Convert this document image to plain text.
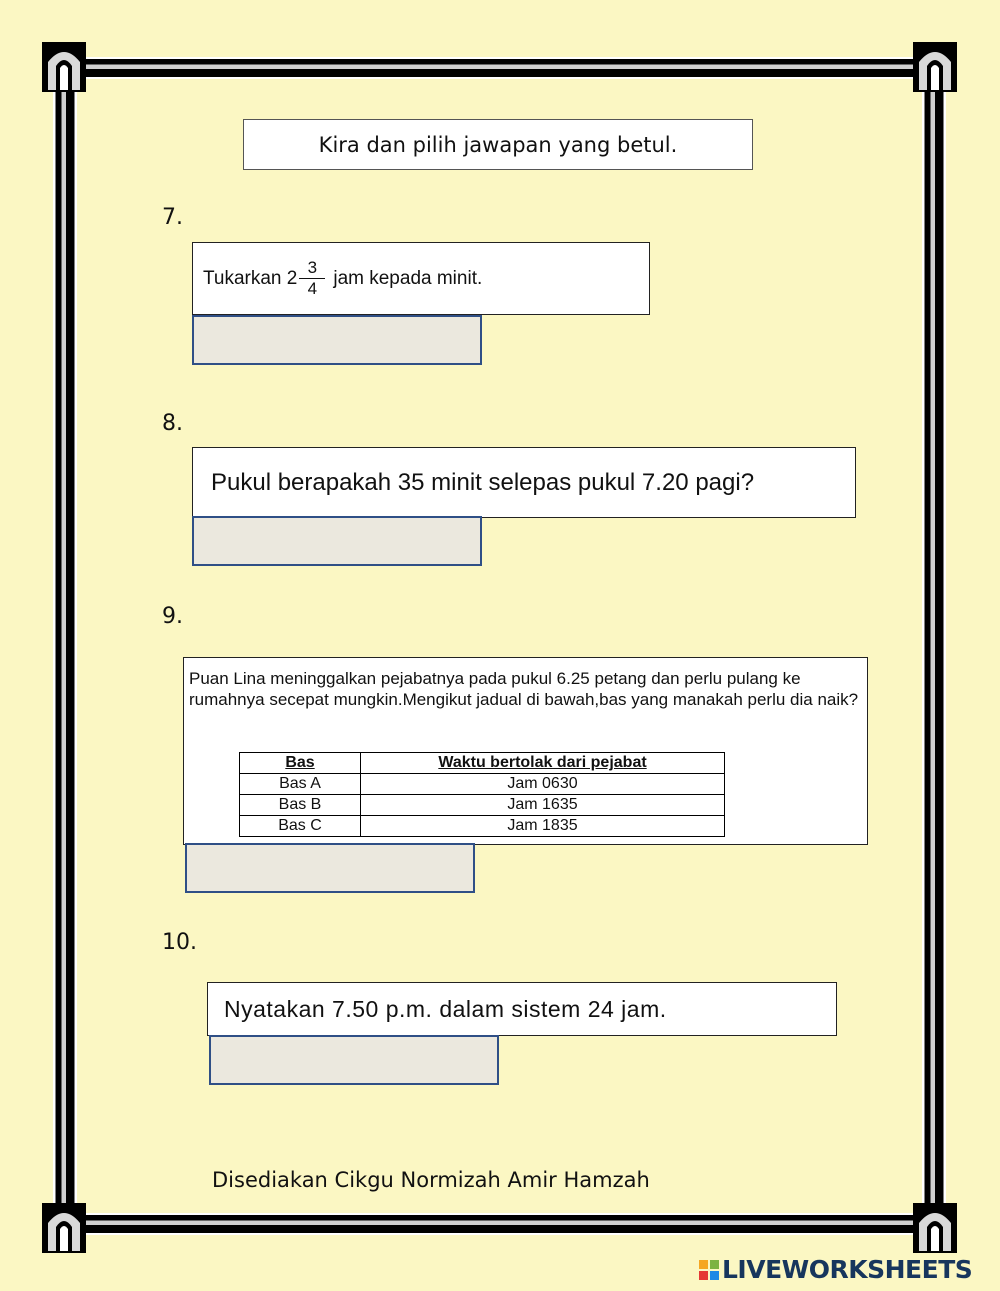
Kira dan pilih jawapan yang betul.
7.
Tukarkan $2 \frac{3}{4}$ jam kepada minit.
8.
Pukul berapakah 35 minit selepas pukul 7.20 pagi?
9.
Puan Lina meninggalkan pejabatnya pada pukul 6.25 petang dan perlu pulang ke rumahnya secepat mungkin.Mengikut jadual di bawah,bas yang manakah perlu dia naik?
Bas	Waktu bertolak dari pejabat
Bas A	Jam 0630
Bas B	Jam 1635
Bas C	Jam 1835
10.
Nyatakan 7.50 p.m. dalam sistem 24 jam.
Disediakan Cikgu Normizah Amir Hamzah
LIVEWORKSHEETS
